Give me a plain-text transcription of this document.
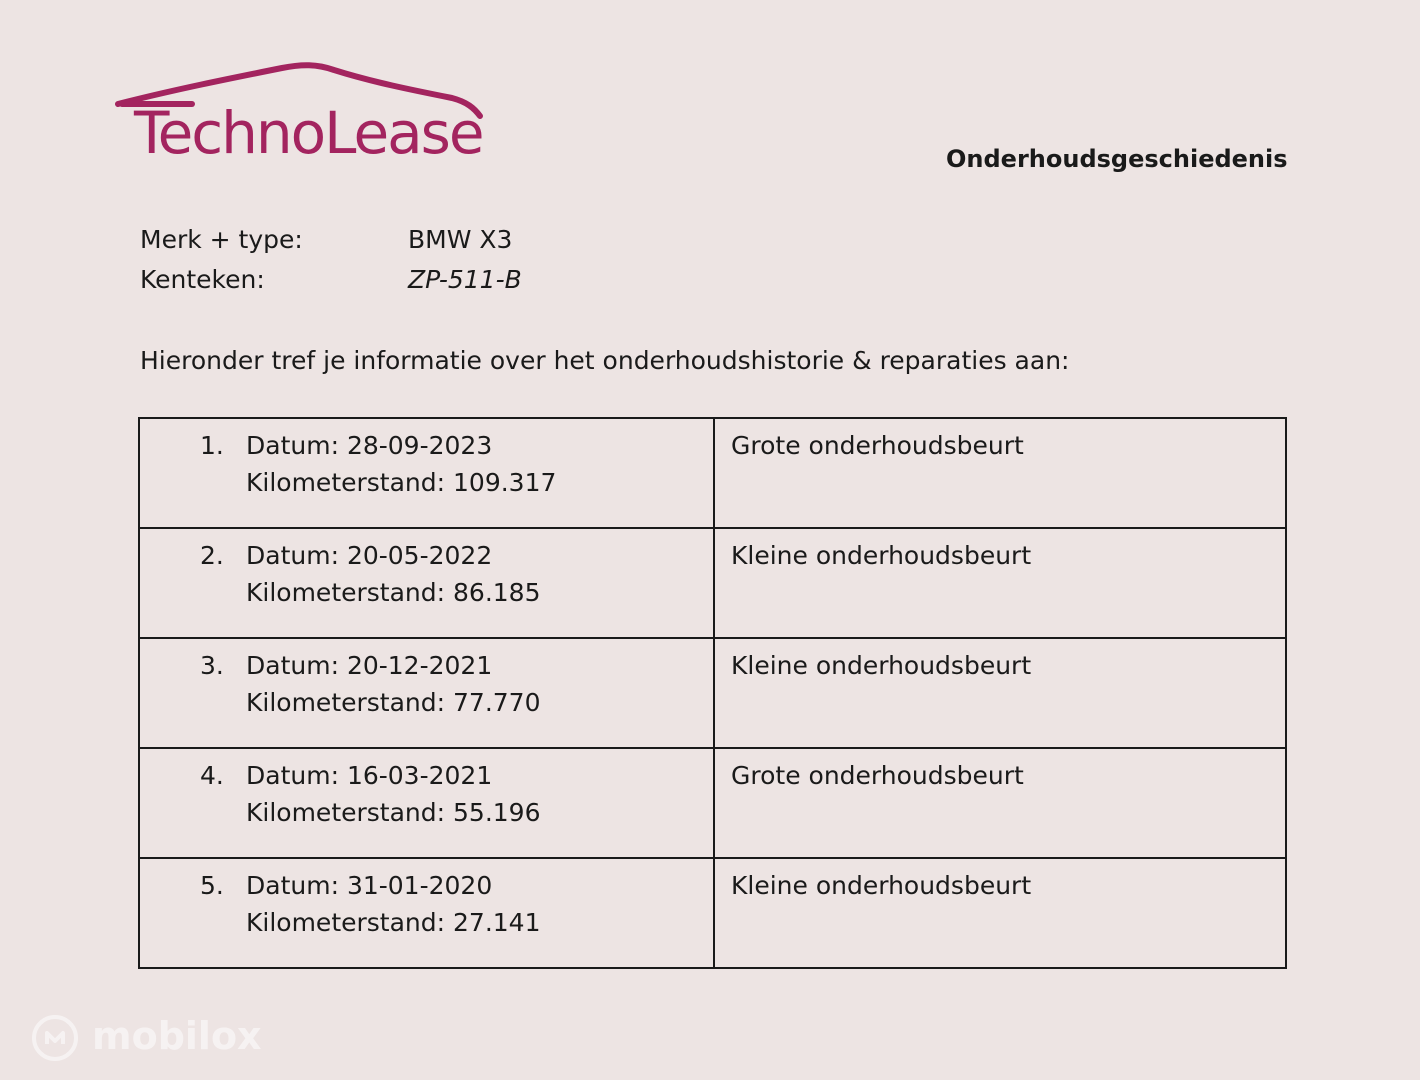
TechnoLease	Onderhoudsgeschiedenis
Merk + type:	BMW X3
Kenteken:	ZP-511-B
Hieronder tref je informatie over het onderhoudshistorie & reparaties aan:
1. Datum: 28-09-2023
Kilometerstand: 109.317	Grote onderhoudsbeurt

2. Datum: 20-05-2022
Kilometerstand: 86.185	Kleine onderhoudsbeurt

3. Datum: 20-12-2021
Kilometerstand: 77.770	Kleine onderhoudsbeurt

4. Datum: 16-03-2021
Kilometerstand: 55.196	Grote onderhoudsbeurt

5. Datum: 31-01-2020
Kilometerstand: 27.141	Kleine onderhoudsbeurt
mobilox
